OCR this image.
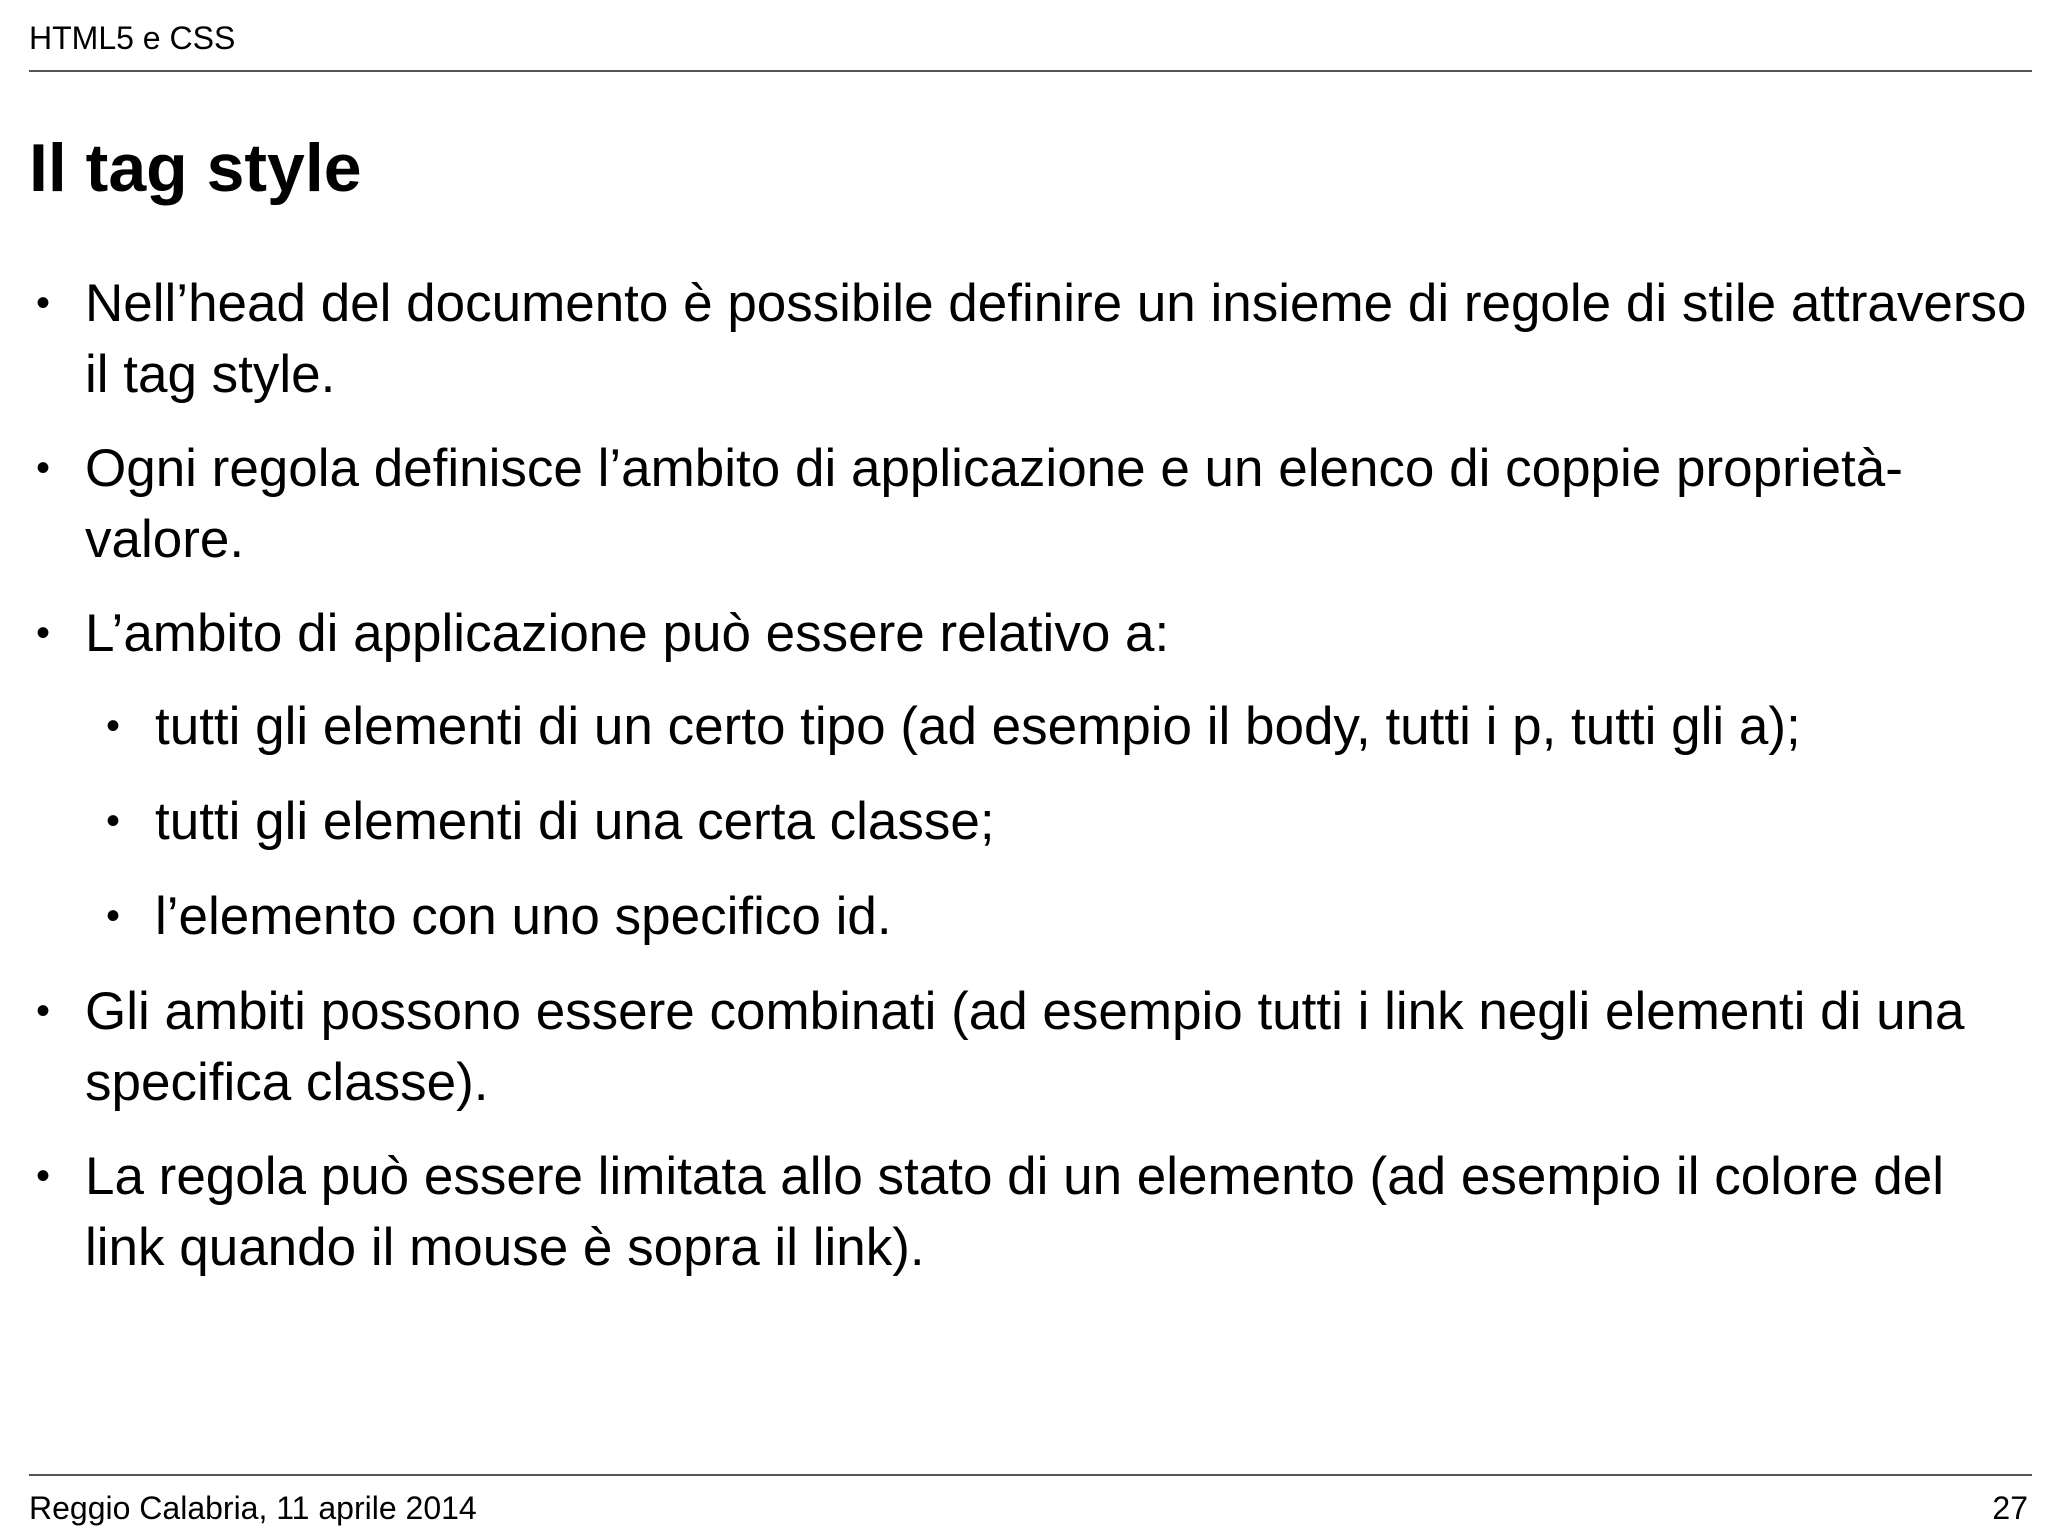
HTML5 e CSS
Il tag style
• Nell’head del documento è possibile definire un insieme di regole di stile attraverso il tag style.
• Ogni regola definisce l’ambito di applicazione e un elenco di coppie proprietà-valore.
• L’ambito di applicazione può essere relativo a:
• tutti gli elementi di un certo tipo (ad esempio il body, tutti i p, tutti gli a);
• tutti gli elementi di una certa classe;
• l’elemento con uno specifico id.
• Gli ambiti possono essere combinati (ad esempio tutti i link negli elementi di una specifica classe).
• La regola può essere limitata allo stato di un elemento (ad esempio il colore del link quando il mouse è sopra il link).
Reggio Calabria, 11 aprile 2014	27
